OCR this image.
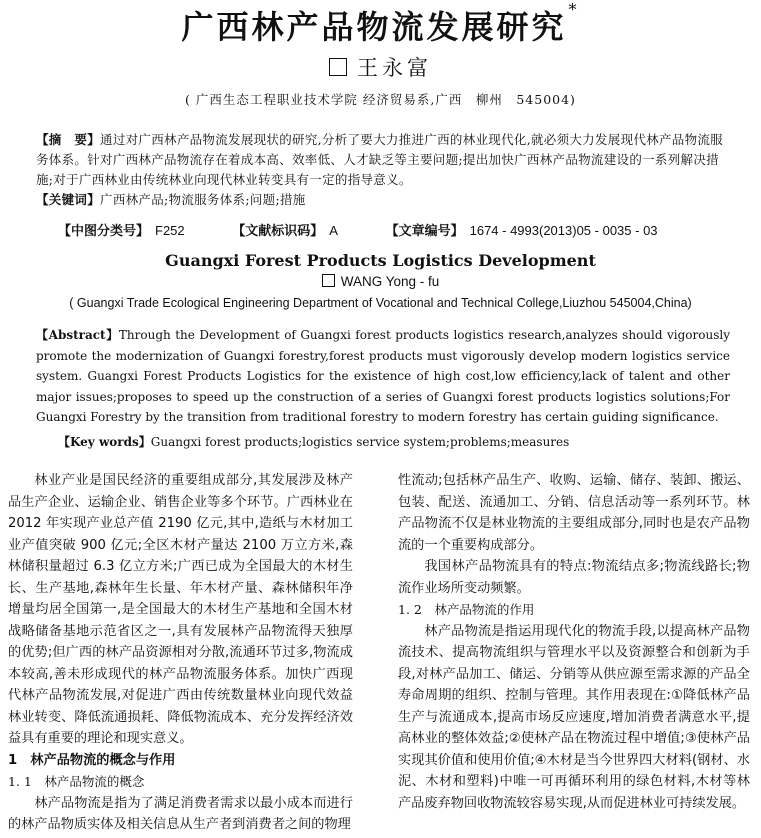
广西林产品物流发展研究 *
王永富
( 广西生态工程职业技术学院 经济贸易系,广西　柳州　545004)
【摘　要】通过对广西林产品物流发展现状的研究,分析了要大力推进广西的林业现代化,就必须大力发展现代林产品物流服务体系。针对广西林产品物流存在着成本高、效率低、人才缺乏等主要问题;提出加快广西林产品物流建设的一系列解决措施;对于广西林业由传统林业向现代林业转变具有一定的指导意义。
【关键词】广西林产品;物流服务体系;问题;措施
【中图分类号】 F252	【文献标识码】 A	【文章编号】 1674 - 4993(2013)05 - 0035 - 03
Guangxi Forest Products Logistics Development
WANG Yong - fu
( Guangxi Trade Ecological Engineering Department of Vocational and Technical College,Liuzhou 545004,China)
【Abstract】Through the Development of Guangxi forest products logistics research,analyzes should vigorously promote the modernization of Guangxi forestry,forest products must vigorously develop modern logistics service system. Guangxi Forest Products Logistics for the existence of high cost,low efficiency,lack of talent and other major issues;proposes to speed up the construction of a series of Guangxi forest products logistics solutions;For Guangxi Forestry by the transition from traditional forestry to modern forestry has certain guiding significance.
【Key words】Guangxi forest products;logistics service system;problems;measures

林业产业是国民经济的重要组成部分,其发展涉及林产品生产企业、运输企业、销售企业等多个环节。广西林业在 2012 年实现产业总产值 2190 亿元,其中,造纸与木材加工业产值突破 900 亿元;全区木材产量达 2100 万立方米,森林储积量超过 6.3 亿立方米;广西已成为全国最大的木材生长、生产基地,森林年生长量、年木材产量、森林储积年净增量均居全国第一,是全国最大的木材生产基地和全国木材战略储备基地示范省区之一,具有发展林产品物流得天独厚的优势;但广西的林产品资源相对分散,流通环节过多,物流成本较高,善未形成现代的林产品物流服务体系。加快广西现代林产品物流发展,对促进广西由传统数量林业向现代效益林业转变、降低流通损耗、降低物流成本、充分发挥经济效益具有重要的理论和现实意义。

1　林产品物流的概念与作用

1. 1　林产品物流的概念

林产品物流是指为了满足消费者需求以最小成本而进行的林产品物质实体及相关信息从生产者到消费者之间的物理

性流动;包括林产品生产、收购、运输、储存、装卸、搬运、包装、配送、流通加工、分销、信息活动等一系列环节。林产品物流不仅是林业物流的主要组成部分,同时也是农产品物流的一个重要构成部分。

我国林产品物流具有的特点:物流结点多;物流线路长;物流作业场所变动频繁。

1. 2　林产品物流的作用

林产品物流是指运用现代化的物流手段,以提高林产品物流技术、提高物流组织与管理水平以及资源整合和创新为手段,对林产品加工、储运、分销等从供应源至需求源的产品全寿命周期的组织、控制与管理。其作用表现在:①降低林产品生产与流通成本,提高市场反应速度,增加消费者满意水平,提高林业的整体效益;②使林产品在物流过程中增值;③使林产品实现其价值和使用价值;④木材是当今世界四大材料(钢材、水泥、木材和塑料)中唯一可再循环利用的绿色材料,木材等林产品废弃物回收物流较容易实现,从而促进林业可持续发展。
